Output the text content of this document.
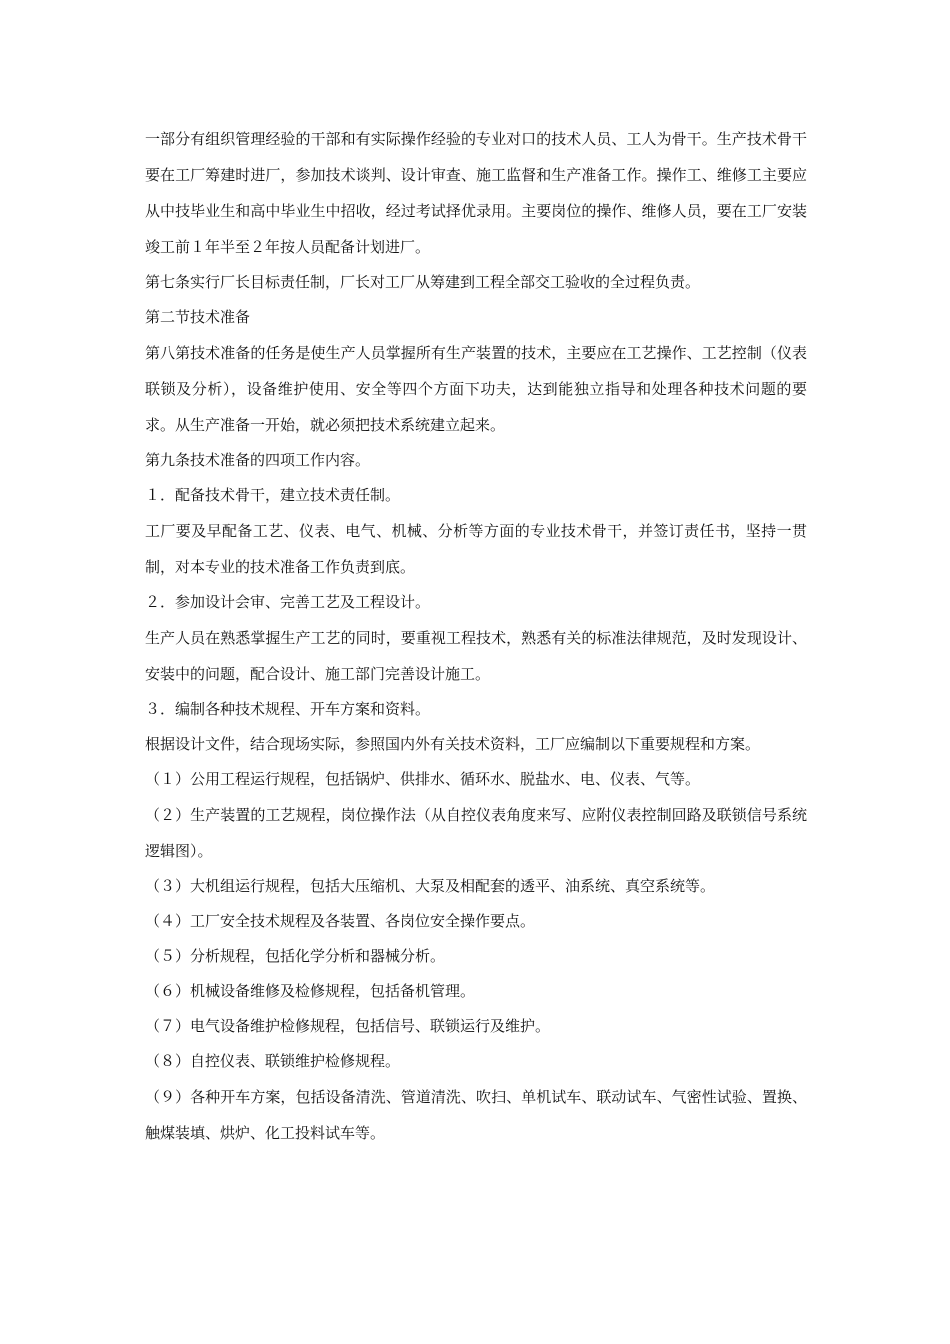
一部分有组织管理经验的干部和有实际操作经验的专业对口的技术人员、工人为骨干。生产技术骨干要在工厂筹建时进厂，参加技术谈判、设计审查、施工监督和生产准备工作。操作工、维修工主要应从中技毕业生和高中毕业生中招收，经过考试择优录用。主要岗位的操作、维修人员，要在工厂安装竣工前１年半至２年按人员配备计划进厂。

第七条实行厂长目标责任制，厂长对工厂从筹建到工程全部交工验收的全过程负责。

第二节技术准备

第八第技术准备的任务是使生产人员掌握所有生产装置的技术，主要应在工艺操作、工艺控制（仪表联锁及分析），设备维护使用、安全等四个方面下功夫，达到能独立指导和处理各种技术问题的要求。从生产准备一开始，就必须把技术系统建立起来。

第九条技术准备的四项工作内容。

１．配备技术骨干，建立技术责任制。

工厂要及早配备工艺、仪表、电气、机械、分析等方面的专业技术骨干，并签订责任书，坚持一贯制，对本专业的技术准备工作负责到底。

２．参加设计会审、完善工艺及工程设计。

生产人员在熟悉掌握生产工艺的同时，要重视工程技术，熟悉有关的标准法律规范，及时发现设计、安装中的问题，配合设计、施工部门完善设计施工。

３．编制各种技术规程、开车方案和资料。

根据设计文件，结合现场实际，参照国内外有关技术资料，工厂应编制以下重要规程和方案。

（１）公用工程运行规程，包括锅炉、供排水、循环水、脱盐水、电、仪表、气等。

（２）生产装置的工艺规程，岗位操作法（从自控仪表角度来写、应附仪表控制回路及联锁信号系统逻辑图）。

（３）大机组运行规程，包括大压缩机、大泵及相配套的透平、油系统、真空系统等。

（４）工厂安全技术规程及各装置、各岗位安全操作要点。

（５）分析规程，包括化学分析和器械分析。

（６）机械设备维修及检修规程，包括备机管理。

（７）电气设备维护检修规程，包括信号、联锁运行及维护。

（８）自控仪表、联锁维护检修规程。

（９）各种开车方案，包括设备清洗、管道清洗、吹扫、单机试车、联动试车、气密性试验、置换、触煤装填、烘炉、化工投料试车等。
